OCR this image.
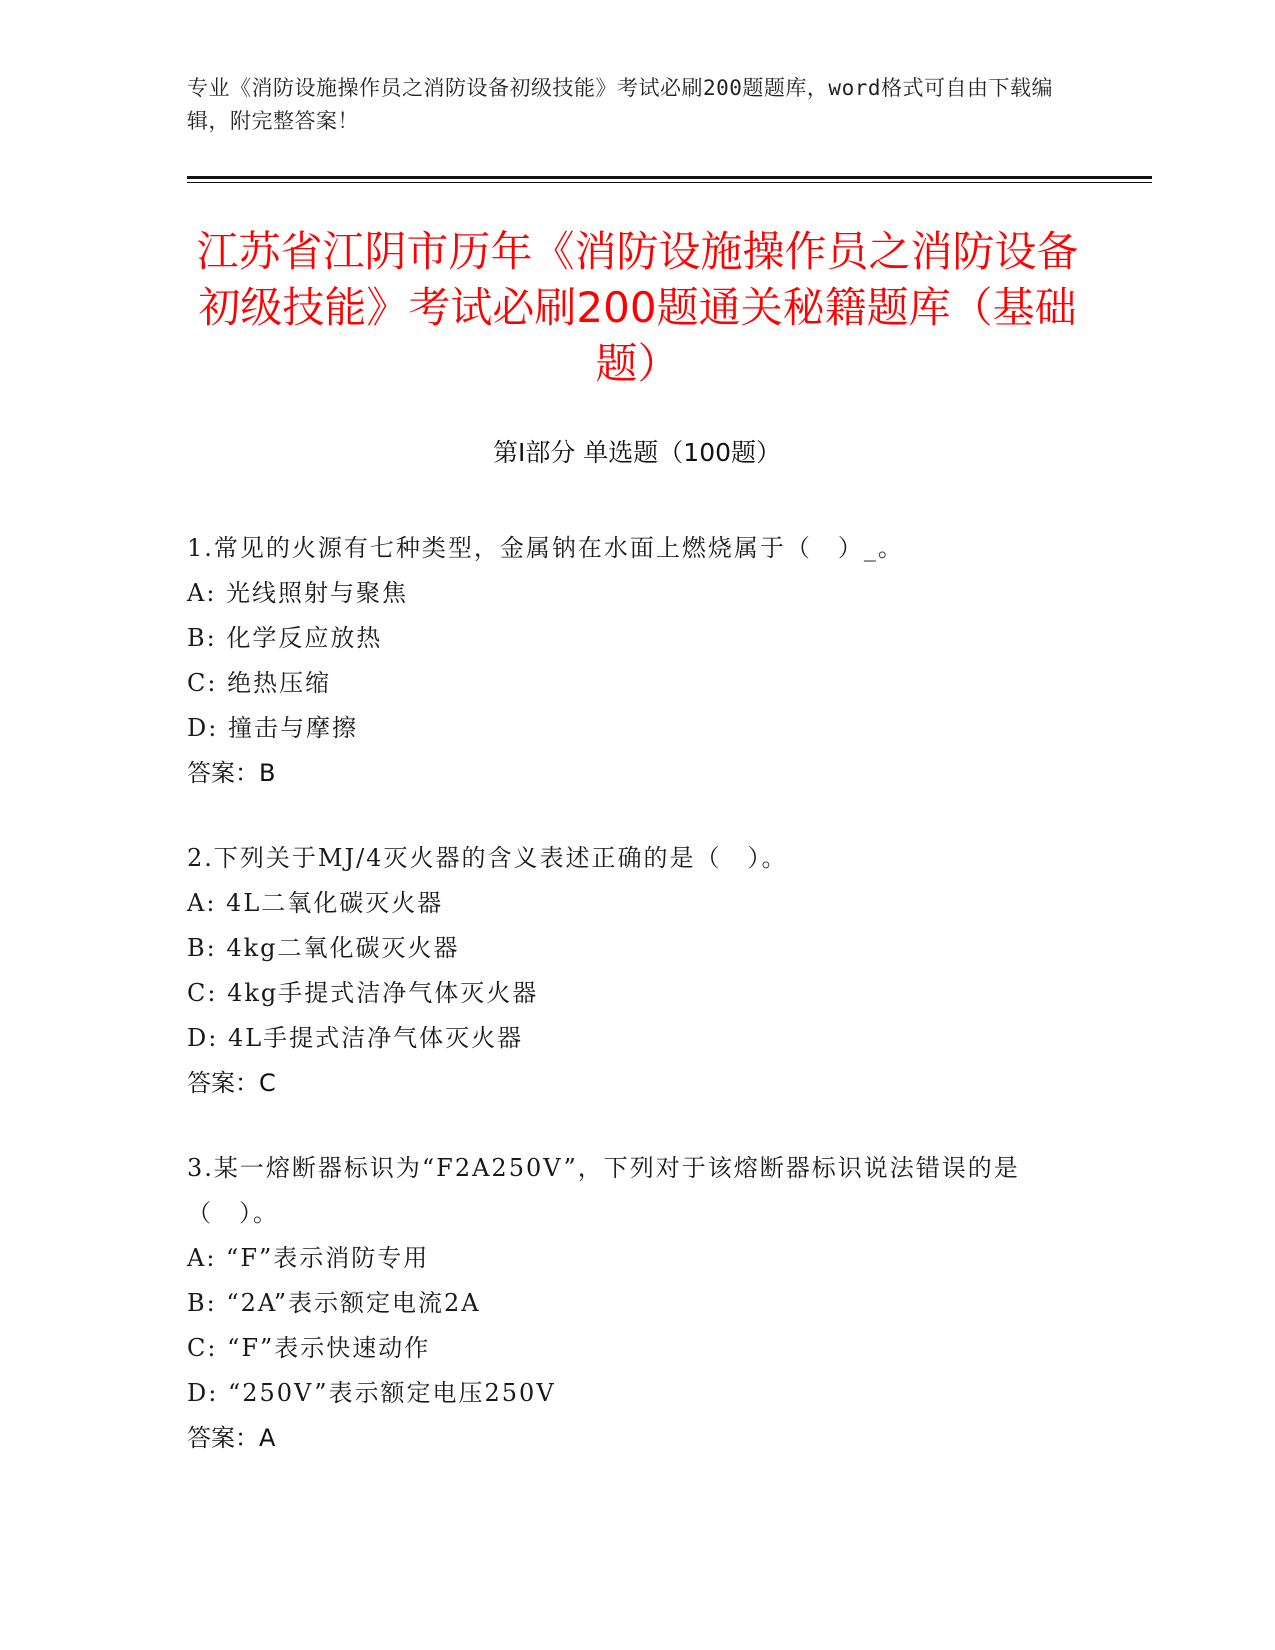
专业《消防设施操作员之消防设备初级技能》考试必刷200题题库，word格式可自由下载编辑，附完整答案！
江苏省江阴市历年《消防设施操作员之消防设备初级技能》考试必刷200题通关秘籍题库（基础题）
第Ⅰ部分 单选题（100题）
1.常见的火源有七种类型，金属钠在水面上燃烧属于（　）_。
A: 光线照射与聚焦
B: 化学反应放热
C: 绝热压缩
D: 撞击与摩擦
答案：B
2.下列关于MJ/4灭火器的含义表述正确的是（　）。
A: 4L二氧化碳灭火器
B: 4kg二氧化碳灭火器
C: 4kg手提式洁净气体灭火器
D: 4L手提式洁净气体灭火器
答案：C
3.某一熔断器标识为“F2A250V”，下列对于该熔断器标识说法错误的是（　）。
A: “F”表示消防专用
B: “2A”表示额定电流2A
C: “F”表示快速动作
D: “250V”表示额定电压250V
答案：A
